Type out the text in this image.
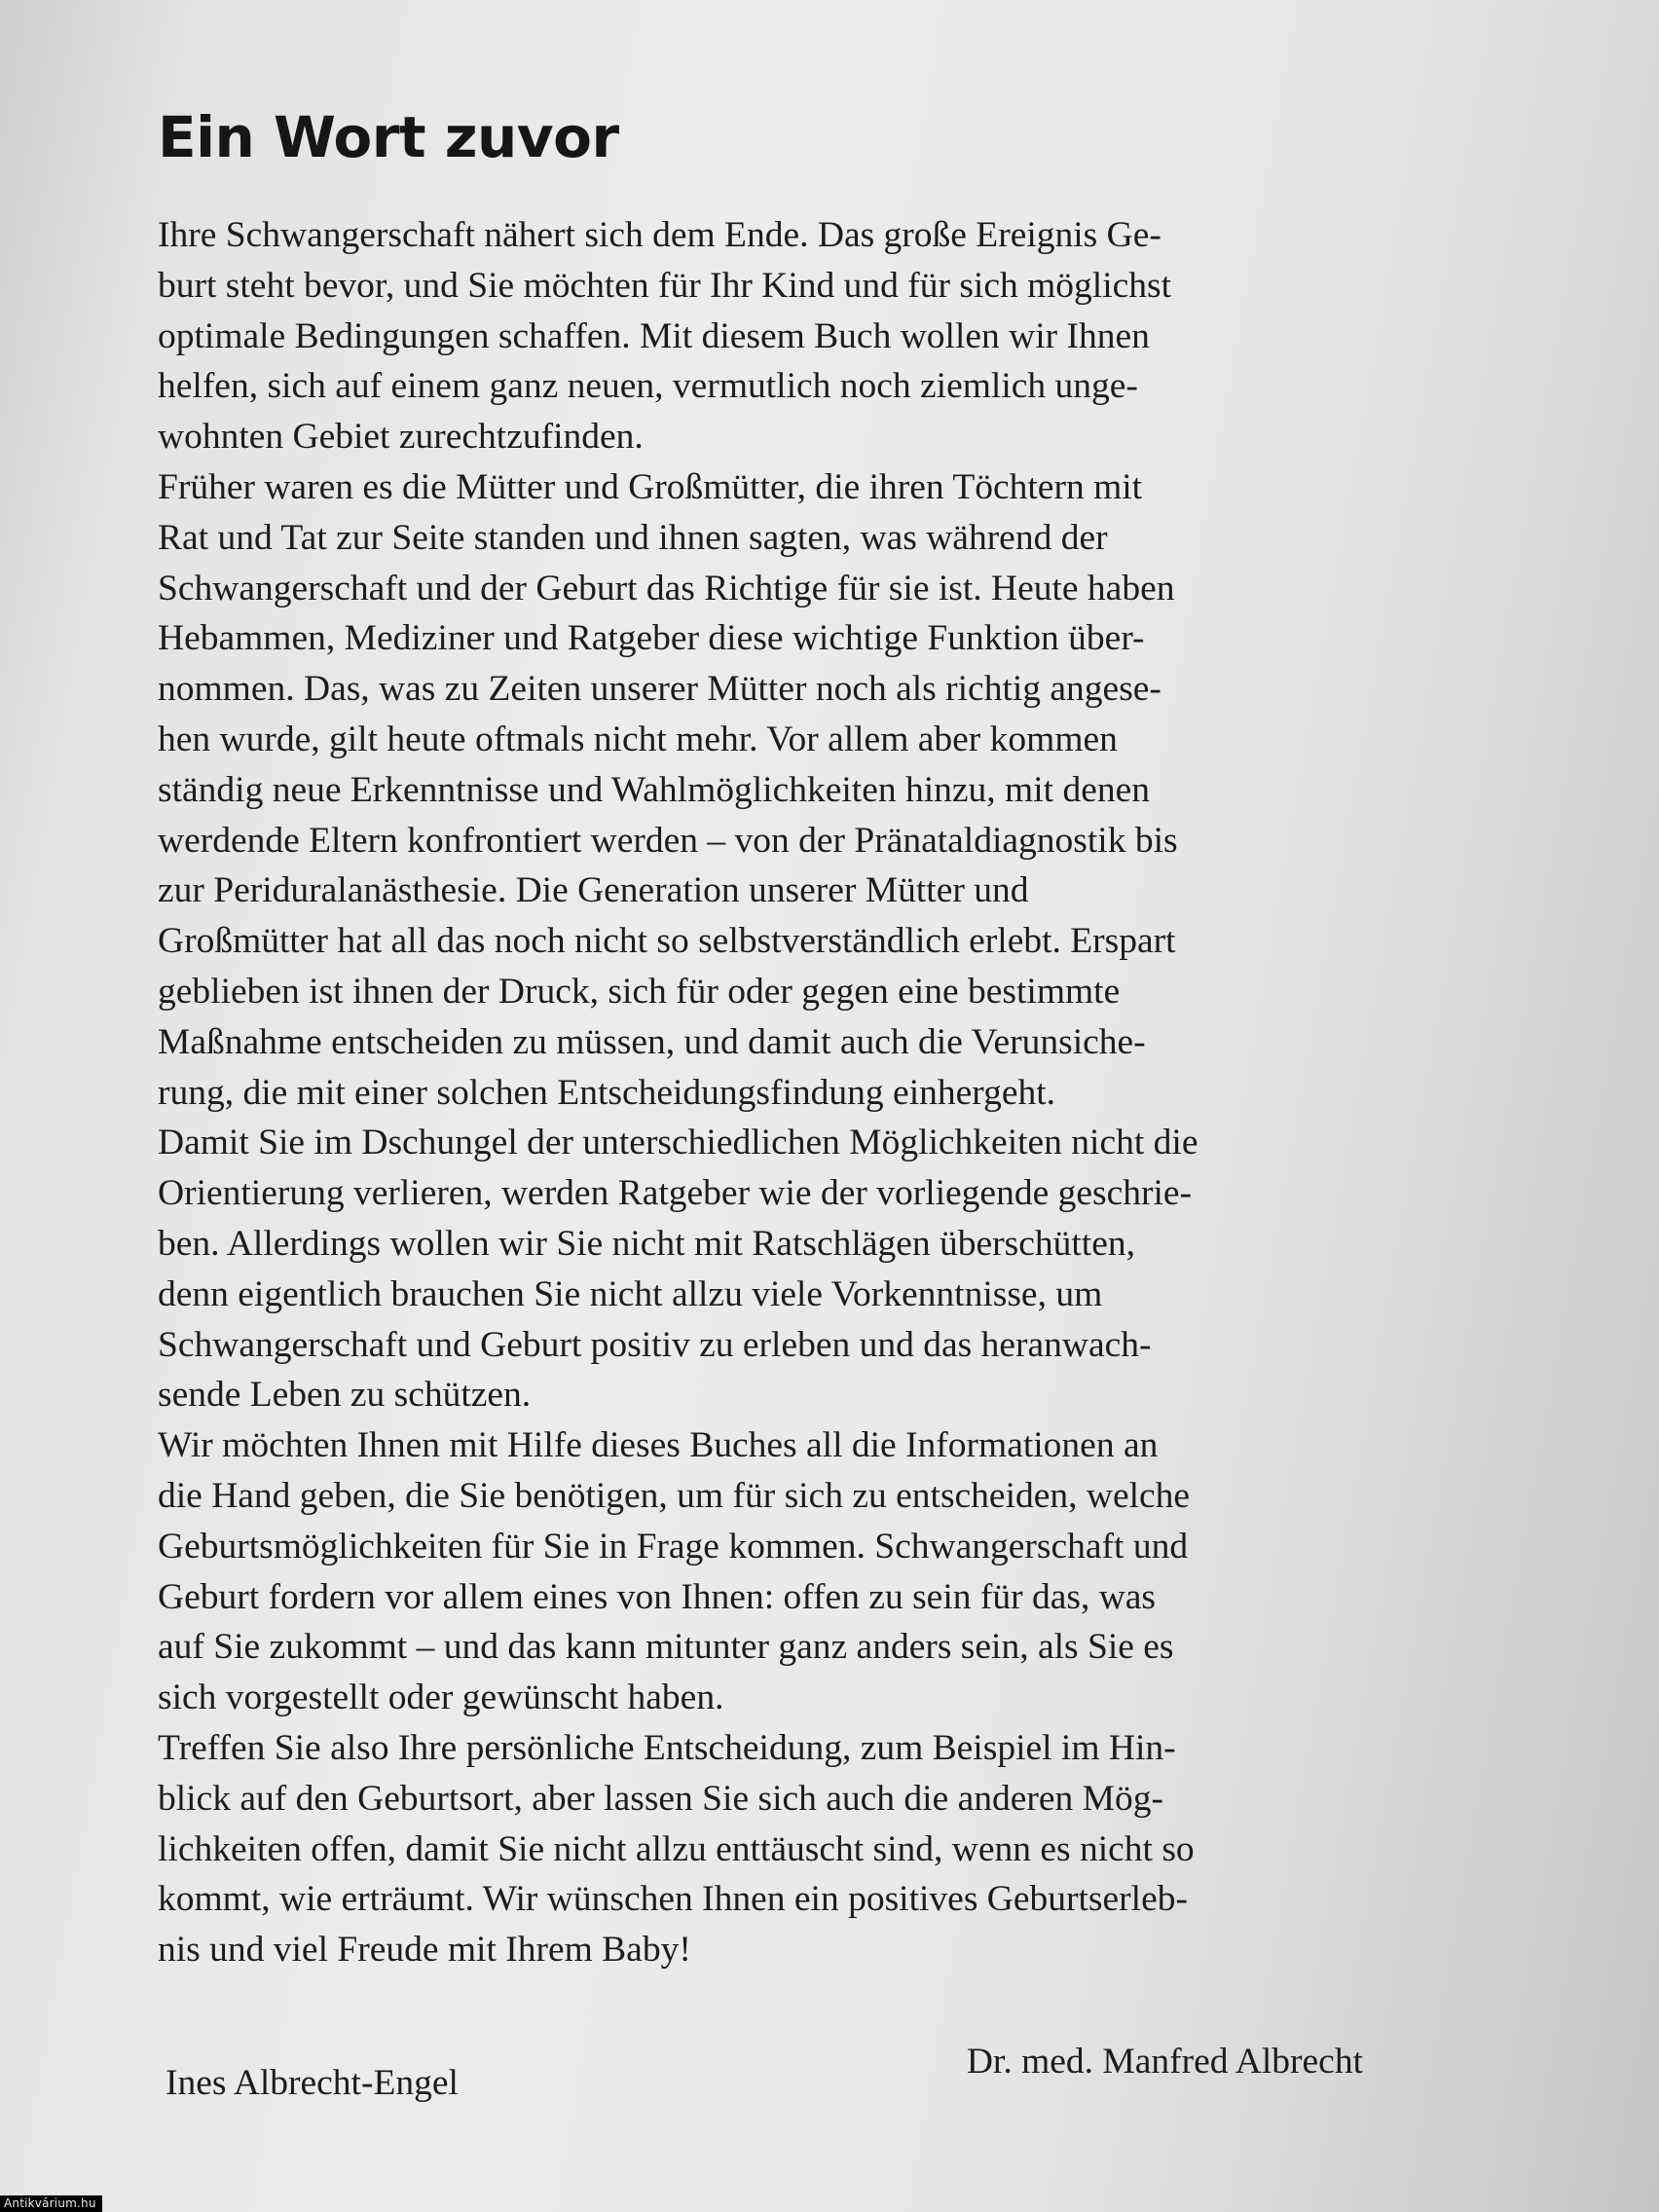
Ein Wort zuvor
Ihre Schwangerschaft nähert sich dem Ende. Das große Ereignis Ge-
burt steht bevor, und Sie möchten für Ihr Kind und für sich möglichst
optimale Bedingungen schaffen. Mit diesem Buch wollen wir Ihnen
helfen, sich auf einem ganz neuen, vermutlich noch ziemlich unge-
wohnten Gebiet zurechtzufinden.
Früher waren es die Mütter und Großmütter, die ihren Töchtern mit
Rat und Tat zur Seite standen und ihnen sagten, was während der
Schwangerschaft und der Geburt das Richtige für sie ist. Heute haben
Hebammen, Mediziner und Ratgeber diese wichtige Funktion über-
nommen. Das, was zu Zeiten unserer Mütter noch als richtig angese-
hen wurde, gilt heute oftmals nicht mehr. Vor allem aber kommen
ständig neue Erkenntnisse und Wahlmöglichkeiten hinzu, mit denen
werdende Eltern konfrontiert werden – von der Pränataldiagnostik bis
zur Periduralanästhesie. Die Generation unserer Mütter und
Großmütter hat all das noch nicht so selbstverständlich erlebt. Erspart
geblieben ist ihnen der Druck, sich für oder gegen eine bestimmte
Maßnahme entscheiden zu müssen, und damit auch die Verunsiche-
rung, die mit einer solchen Entscheidungsfindung einhergeht.
Damit Sie im Dschungel der unterschiedlichen Möglichkeiten nicht die
Orientierung verlieren, werden Ratgeber wie der vorliegende geschrie-
ben. Allerdings wollen wir Sie nicht mit Ratschlägen überschütten,
denn eigentlich brauchen Sie nicht allzu viele Vorkenntnisse, um
Schwangerschaft und Geburt positiv zu erleben und das heranwach-
sende Leben zu schützen.
Wir möchten Ihnen mit Hilfe dieses Buches all die Informationen an
die Hand geben, die Sie benötigen, um für sich zu entscheiden, welche
Geburtsmöglichkeiten für Sie in Frage kommen. Schwangerschaft und
Geburt fordern vor allem eines von Ihnen: offen zu sein für das, was
auf Sie zukommt – und das kann mitunter ganz anders sein, als Sie es
sich vorgestellt oder gewünscht haben.
Treffen Sie also Ihre persönliche Entscheidung, zum Beispiel im Hin-
blick auf den Geburtsort, aber lassen Sie sich auch die anderen Mög-
lichkeiten offen, damit Sie nicht allzu enttäuscht sind, wenn es nicht so
kommt, wie erträumt. Wir wünschen Ihnen ein positives Geburtserleb-
nis und viel Freude mit Ihrem Baby!
Ines Albrecht-Engel
Dr. med. Manfred Albrecht
Antikvárium.hu
